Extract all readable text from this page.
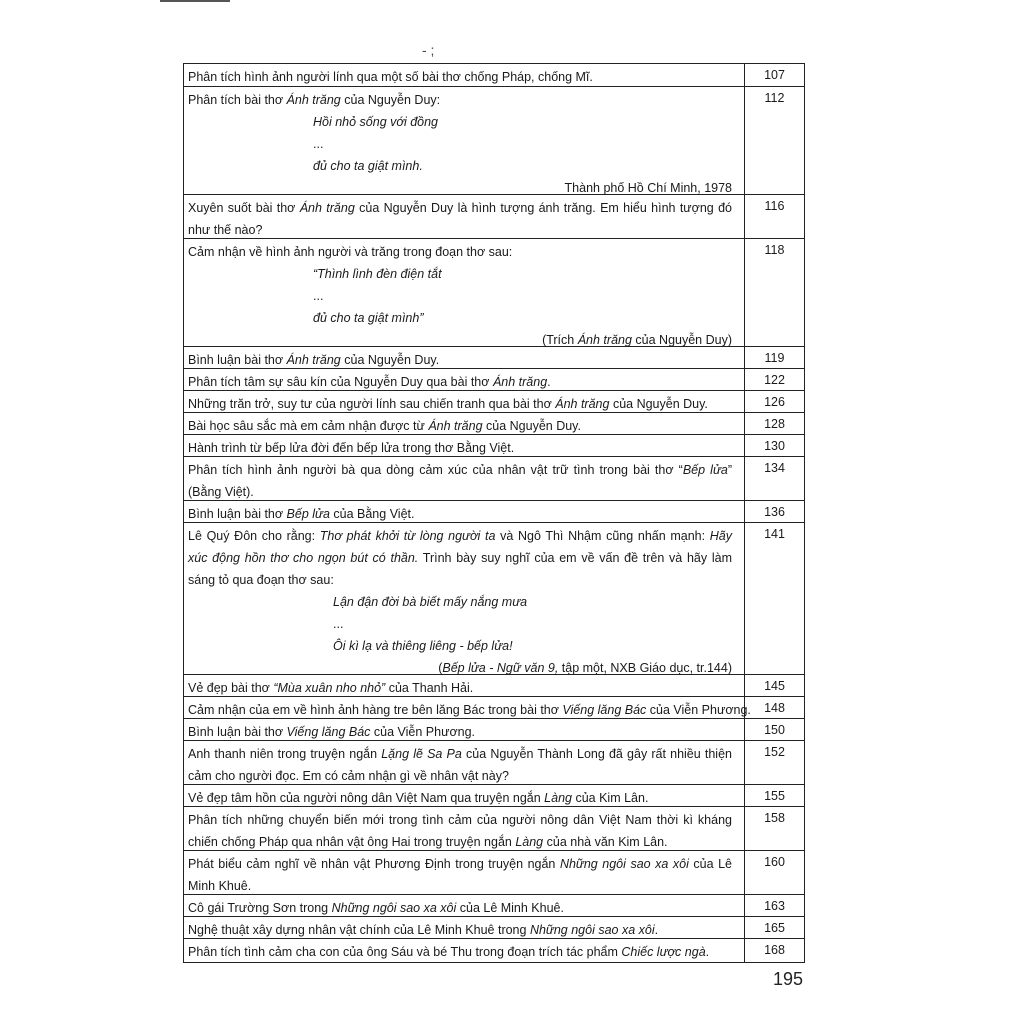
- ;
Phân tích hình ảnh người lính qua một số bài thơ chống Pháp, chống Mĩ.	107
Phân tích bài thơ Ánh trăng của Nguyễn Duy:
Hồi nhỏ sống với đồng
...
đủ cho ta giật mình.
Thành phố Hồ Chí Minh, 1978
112
Xuyên suốt bài thơ Ánh trăng của Nguyễn Duy là hình tượng ánh trăng. Em hiểu hình tượng đó như thế nào?
116
Cảm nhận về hình ảnh người và trăng trong đoạn thơ sau:
“Thình lình đèn điện tắt
...
đủ cho ta giật mình”
(Trích Ánh trăng của Nguyễn Duy)
118
Bình luận bài thơ Ánh trăng của Nguyễn Duy.	119
Phân tích tâm sự sâu kín của Nguyễn Duy qua bài thơ Ánh trăng.	122
Những trăn trở, suy tư của người lính sau chiến tranh qua bài thơ Ánh trăng của Nguyễn Duy.	126
Bài học sâu sắc mà em cảm nhận được từ Ánh trăng của Nguyễn Duy.	128
Hành trình từ bếp lửa đời đến bếp lửa trong thơ Bằng Việt.	130
Phân tích hình ảnh người bà qua dòng cảm xúc của nhân vật trữ tình trong bài thơ “Bếp lửa” (Bằng Việt).
134
Bình luận bài thơ Bếp lửa của Bằng Việt.	136
Lê Quý Đôn cho rằng: Thơ phát khởi từ lòng người ta và Ngô Thì Nhậm cũng nhấn mạnh: Hãy xúc động hồn thơ cho ngọn bút có thần. Trình bày suy nghĩ của em về vấn đề trên và hãy làm sáng tỏ qua đoạn thơ sau:
Lận đận đời bà biết mấy nắng mưa
...
Ôi kì lạ và thiêng liêng - bếp lửa!
(Bếp lửa - Ngữ văn 9, tập một, NXB Giáo dục, tr.144)
141
Vẻ đẹp bài thơ “Mùa xuân nho nhỏ” của Thanh Hải.	145
Cảm nhận của em về hình ảnh hàng tre bên lăng Bác trong bài thơ Viếng lăng Bác của Viễn Phương.	148
Bình luận bài thơ Viếng lăng Bác của Viễn Phương.	150
Anh thanh niên trong truyện ngắn Lặng lẽ Sa Pa của Nguyễn Thành Long đã gây rất nhiều thiện cảm cho người đọc. Em có cảm nhận gì về nhân vật này?
152
Vẻ đẹp tâm hồn của người nông dân Việt Nam qua truyện ngắn Làng của Kim Lân.	155
Phân tích những chuyển biến mới trong tình cảm của người nông dân Việt Nam thời kì kháng chiến chống Pháp qua nhân vật ông Hai trong truyện ngắn Làng của nhà văn Kim Lân.
158
Phát biểu cảm nghĩ về nhân vật Phương Định trong truyện ngắn Những ngôi sao xa xôi của Lê Minh Khuê.
160
Cô gái Trường Sơn trong Những ngôi sao xa xôi của Lê Minh Khuê.	163
Nghệ thuật xây dựng nhân vật chính của Lê Minh Khuê trong Những ngôi sao xa xôi.	165
Phân tích tình cảm cha con của ông Sáu và bé Thu trong đoạn trích tác phẩm Chiếc lược ngà.	168
195
